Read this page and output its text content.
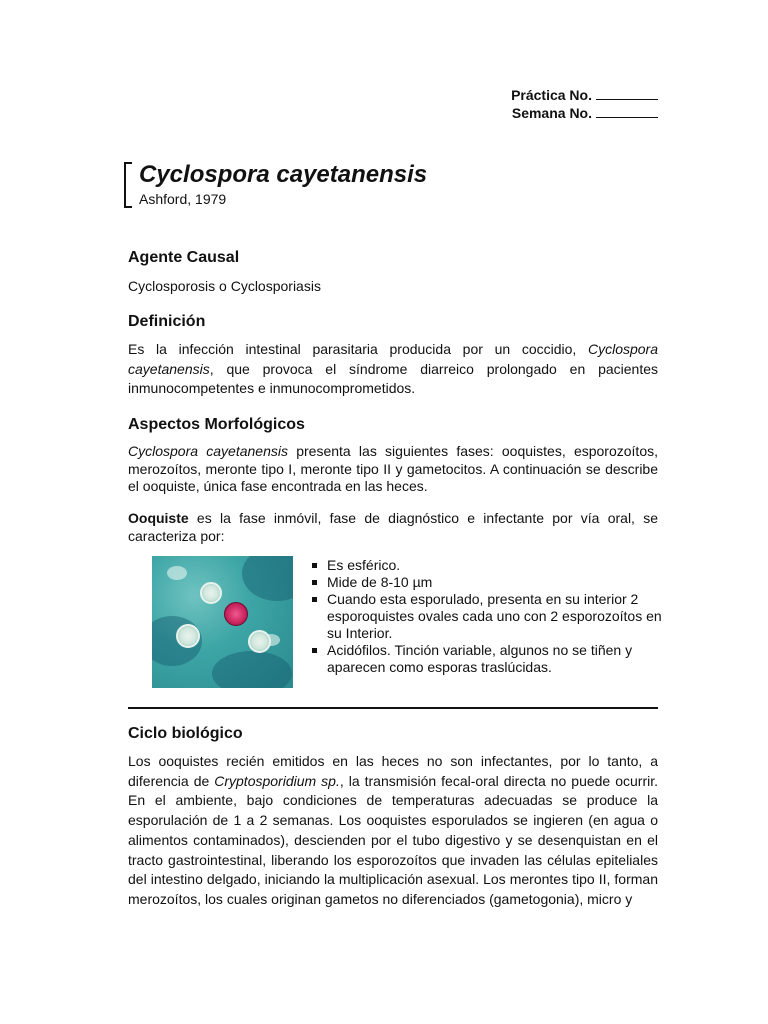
Práctica No.
Semana No.
Cyclospora cayetanensis
Ashford, 1979
Agente Causal

Cyclosporosis o Cyclosporiasis

Definición

Es la infección intestinal parasitaria producida por un coccidio, Cyclospora cayetanensis, que provoca el síndrome diarreico prolongado en pacientes inmunocompetentes e inmunocomprometidos.

Aspectos Morfológicos

Cyclospora cayetanensis presenta las siguientes fases: ooquistes, esporozoítos, merozoítos, meronte tipo I, meronte tipo II y gametocitos. A continuación se describe el ooquiste, única fase encontrada en las heces.

Ooquiste es la fase inmóvil, fase de diagnóstico e infectante por vía oral, se caracteriza por:

Es esférico.
Mide de 8-10 µm
Cuando esta esporulado, presenta en su interior 2 esporoquistes ovales cada uno con 2 esporozoítos en su Interior.
Acidófilos. Tinción variable, algunos no se tiñen y aparecen como esporas traslúcidas.
Ciclo biológico

Los ooquistes recién emitidos en las heces no son infectantes, por lo tanto, a diferencia de Cryptosporidium sp., la transmisión fecal-oral directa no puede ocurrir. En el ambiente, bajo condiciones de temperaturas adecuadas se produce la esporulación de 1 a 2 semanas. Los ooquistes esporulados se ingieren (en agua o alimentos contaminados), descienden por el tubo digestivo y se desenquistan en el tracto gastrointestinal, liberando los esporozoítos que invaden las células epiteliales del intestino delgado, iniciando la multiplicación asexual. Los merontes tipo II, forman merozoítos, los cuales originan gametos no diferenciados (gametogonia), micro y
